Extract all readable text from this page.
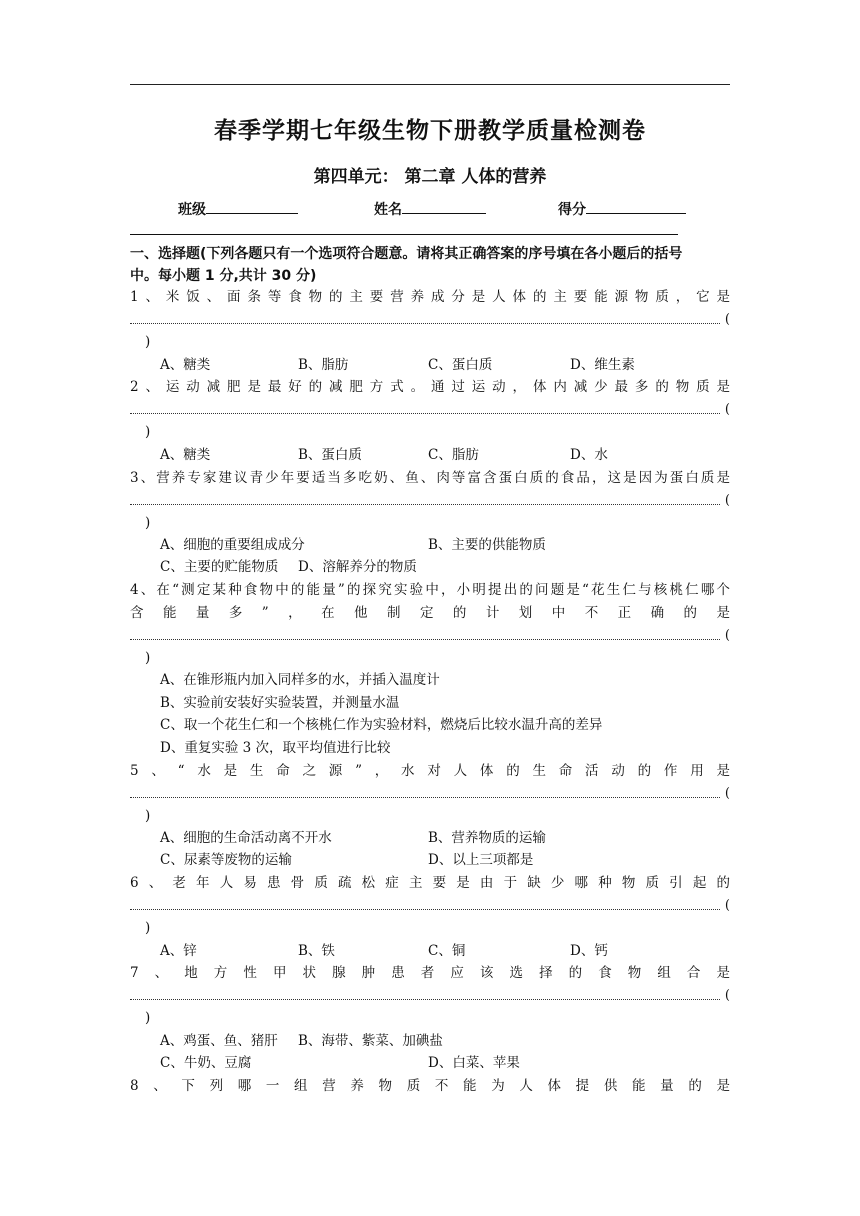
春季学期七年级生物下册教学质量检测卷
第四单元： 第二章 人体的营养
班级	姓名	得分
一、选择题(下列各题只有一个选项符合题意。请将其正确答案的序号填在各小题后的括号
中。每小题 1 分,共计 30 分)
1、米饭、面条等食物的主要营养成分是人体的主要能源物质，它是
(
)
A、糖类	B、脂肪	C、蛋白质	D、维生素
2、运动减肥是最好的减肥方式。通过运动，体内减少最多的物质是
(
)
A、糖类	B、蛋白质	C、脂肪	D、水
3、营养专家建议青少年要适当多吃奶、鱼、肉等富含蛋白质的食品，这是因为蛋白质是
(
)
A、细胞的重要组成成分	B、主要的供能物质
C、主要的贮能物质 D、溶解养分的物质
4、在“测定某种食物中的能量”的探究实验中，小明提出的问题是“花生仁与核桃仁哪个
含能量多”，在他制定的计划中不正确的是
(
)
A、在锥形瓶内加入同样多的水，并插入温度计
B、实验前安装好实验装置，并测量水温
C、取一个花生仁和一个核桃仁作为实验材料，燃烧后比较水温升高的差异
D、重复实验 3 次，取平均值进行比较
5、“水是生命之源”，水对人体的生命活动的作用是
(
)
A、细胞的生命活动离不开水	B、营养物质的运输
C、尿素等废物的运输	D、以上三项都是
6、老年人易患骨质疏松症主要是由于缺少哪种物质引起的
(
)
A、锌	B、铁	C、铜	D、钙
7、地方性甲状腺肿患者应该选择的食物组合是
(
)
A、鸡蛋、鱼、猪肝 B、海带、紫菜、加碘盐
C、牛奶、豆腐	D、白菜、苹果
8、下列哪一组营养物质不能为人体提供能量的是
